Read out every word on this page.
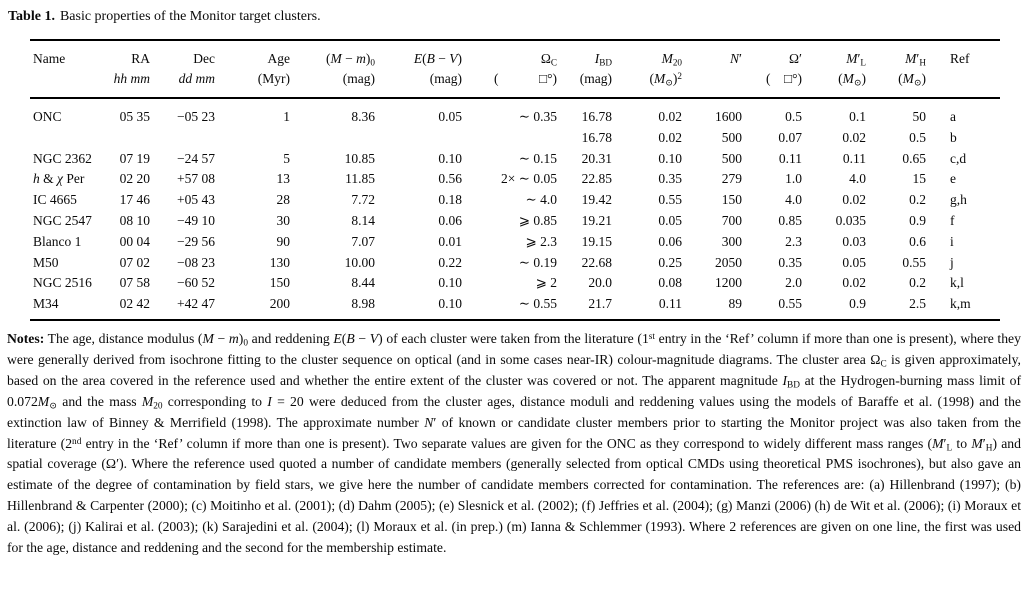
Table 1. Basic properties of the Monitor target clusters.
Name	RA	Dec	Age	$(M - m)_0$	E(B − V)	$\Omega_C$	$I_{BD}$	$M_{20}$	N′	Ω′	$M'_L$	$M'_H$	Ref
	hh mm	dd mm	(Myr)	(mag)	(mag)	(   □°)	(mag)	$(M_⊙)^2$		( □°)	$(M_⊙)$	$(M_⊙)$	
ONC	05 35	−05 23	1	8.36	0.05	∼ 0.35	16.78	0.02	1600	0.5	0.1	50	a
							16.78	0.02	500	0.07	0.02	0.5	b
NGC 2362	07 19	−24 57	5	10.85	0.10	∼ 0.15	20.31	0.10	500	0.11	0.11	0.65	c,d
h & χ Per	02 20	+57 08	13	11.85	0.56	2× ∼ 0.05	22.85	0.35	279	1.0	4.0	15	e
IC 4665	17 46	+05 43	28	7.72	0.18	∼ 4.0	19.42	0.55	150	4.0	0.02	0.2	g,h
NGC 2547	08 10	−49 10	30	8.14	0.06	⩾ 0.85	19.21	0.05	700	0.85	0.035	0.9	f
Blanco 1	00 04	−29 56	90	7.07	0.01	⩾ 2.3	19.15	0.06	300	2.3	0.03	0.6	i
M50	07 02	−08 23	130	10.00	0.22	∼ 0.19	22.68	0.25	2050	0.35	0.05	0.55	j
NGC 2516	07 58	−60 52	150	8.44	0.10	⩾ 2	20.0	0.08	1200	2.0	0.02	0.2	k,l
M34	02 42	+42 47	200	8.98	0.10	∼ 0.55	21.7	0.11	89	0.55	0.9	2.5	k,m

Notes: The age, distance modulus $(M - m)_0$ and reddening E(B − V) of each cluster were taken from the literature (1st entry in the ‘Ref’ column if more than one is present), where they were generally derived from isochrone fitting to the cluster sequence on optical (and in some cases near-IR) colour-magnitude diagrams. The cluster area $\Omega_C$ is given approximately, based on the area covered in the reference used and whether the entire extent of the cluster was covered or not. The apparent magnitude $I_{BD}$ at the Hydrogen-burning mass limit of $0.072M_⊙$ and the mass $M_{20}$ corresponding to I = 20 were deduced from the cluster ages, distance moduli and reddening values using the models of Baraffe et al. (1998) and the extinction law of Binney & Merrifield (1998). The approximate number N′ of known or candidate cluster members prior to starting the Monitor project was also taken from the literature (2nd entry in the ‘Ref’ column if more than one is present). Two separate values are given for the ONC as they correspond to widely different mass ranges ($M'_L$ to $M'_H$) and spatial coverage (Ω′). Where the reference used quoted a number of candidate members (generally selected from optical CMDs using theoretical PMS isochrones), but also gave an estimate of the degree of contamination by field stars, we give here the number of candidate members corrected for contamination. The references are: (a) Hillenbrand (1997); (b) Hillenbrand & Carpenter (2000); (c) Moitinho et al. (2001); (d) Dahm (2005); (e) Slesnick et al. (2002); (f) Jeffries et al. (2004); (g) Manzi (2006) (h) de Wit et al. (2006); (i) Moraux et al. (2006); (j) Kalirai et al. (2003); (k) Sarajedini et al. (2004); (l) Moraux et al. (in prep.) (m) Ianna & Schlemmer (1993). Where 2 references are given on one line, the first was used for the age, distance and reddening and the second for the membership estimate.
